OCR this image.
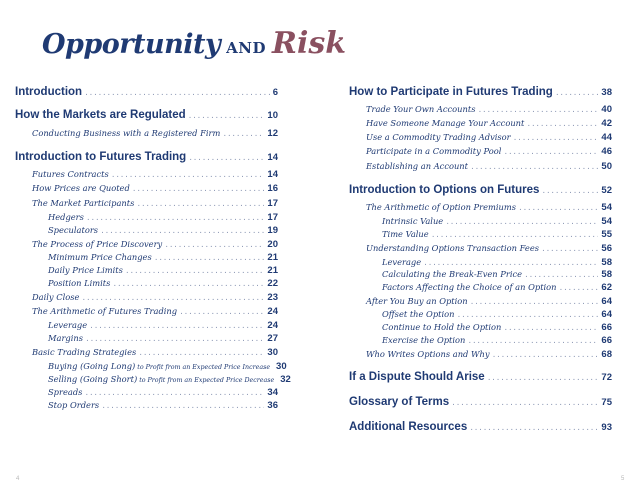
Opportunity AND Risk
Introduction .....	6
How the Markets are Regulated .....	10
Conducting Business with a Registered Firm .....	12
Introduction to Futures Trading .....	14
Futures Contracts .....	14
How Prices are Quoted .....	16
The Market Participants .....	17
Hedgers .....	17
Speculators .....	19
The Process of Price Discovery .....	20
Minimum Price Changes .....	21
Daily Price Limits .....	21
Position Limits .....	22
Daily Close .....	23
The Arithmetic of Futures Trading .....	24
Leverage .....	24
Margins .....	27
Basic Trading Strategies .....	30
Buying (Going Long) to Profit from an Expected Price Increase 30
Selling (Going Short) to Profit from an Expected Price Decrease 32
Spreads .....	34
Stop Orders .....	36
How to Participate in Futures Trading .....	38
Trade Your Own Accounts .....	40
Have Someone Manage Your Account .....	42
Use a Commodity Trading Advisor .....	44
Participate in a Commodity Pool .....	46
Establishing an Account .....	50
Introduction to Options on Futures .....	52
The Arithmetic of Option Premiums .....	54
Intrinsic Value .....	54
Time Value .....	55
Understanding Options Transaction Fees .....	56
Leverage .....	58
Calculating the Break-Even Price .....	58
Factors Affecting the Choice of an Option .....	62
After You Buy an Option .....	64
Offset the Option .....	64
Continue to Hold the Option .....	66
Exercise the Option .....	66
Who Writes Options and Why .....	68
If a Dispute Should Arise .....	72
Glossary of Terms .....	75
Additional Resources .....	93
4	5
